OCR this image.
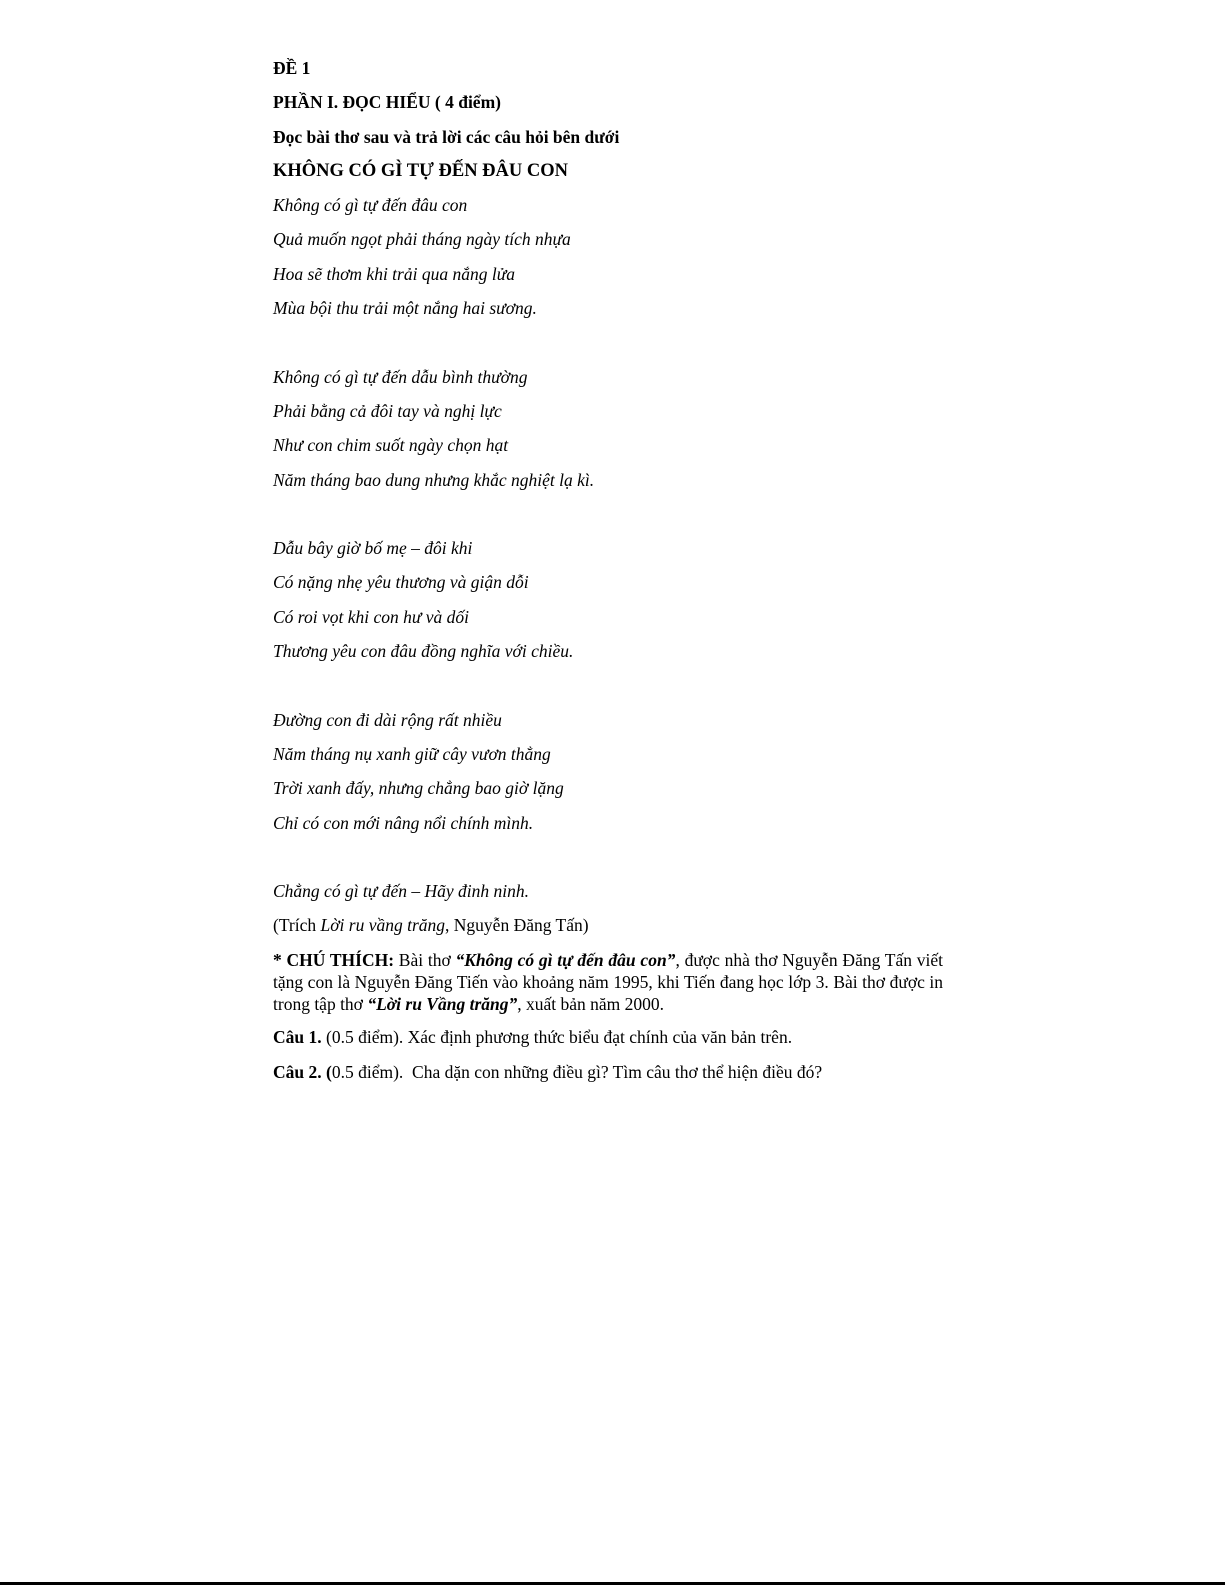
ĐỀ 1
PHẦN I. ĐỌC HIỂU ( 4 điểm)
Đọc bài thơ sau và trả lời các câu hỏi bên dưới
KHÔNG CÓ GÌ TỰ ĐẾN ĐÂU CON
Không có gì tự đến đâu con
Quả muốn ngọt phải tháng ngày tích nhựa
Hoa sẽ thơm khi trải qua nắng lửa
Mùa bội thu trải một nắng hai sương.
Không có gì tự đến dẫu bình thường
Phải bằng cả đôi tay và nghị lực
Như con chim suốt ngày chọn hạt
Năm tháng bao dung nhưng khắc nghiệt lạ kì.
Dẫu bây giờ bố mẹ – đôi khi
Có nặng nhẹ yêu thương và giận dỗi
Có roi vọt khi con hư và dối
Thương yêu con đâu đồng nghĩa với chiều.
Đường con đi dài rộng rất nhiều
Năm tháng nụ xanh giữ cây vươn thẳng
Trời xanh đấy, nhưng chẳng bao giờ lặng
Chỉ có con mới nâng nổi chính mình.
Chẳng có gì tự đến – Hãy đinh ninh.
(Trích Lời ru vầng trăng, Nguyễn Đăng Tấn)
* CHÚ THÍCH: Bài thơ “Không có gì tự đến đâu con”, được nhà thơ Nguyễn Đăng Tấn viết tặng con là Nguyễn Đăng Tiến vào khoảng năm 1995, khi Tiến đang học lớp 3. Bài thơ được in trong tập thơ “Lời ru Vầng trăng”, xuất bản năm 2000.
Câu 1. (0.5 điểm). Xác định phương thức biểu đạt chính của văn bản trên.
Câu 2. (0.5 điểm).  Cha dặn con những điều gì? Tìm câu thơ thể hiện điều đó?
